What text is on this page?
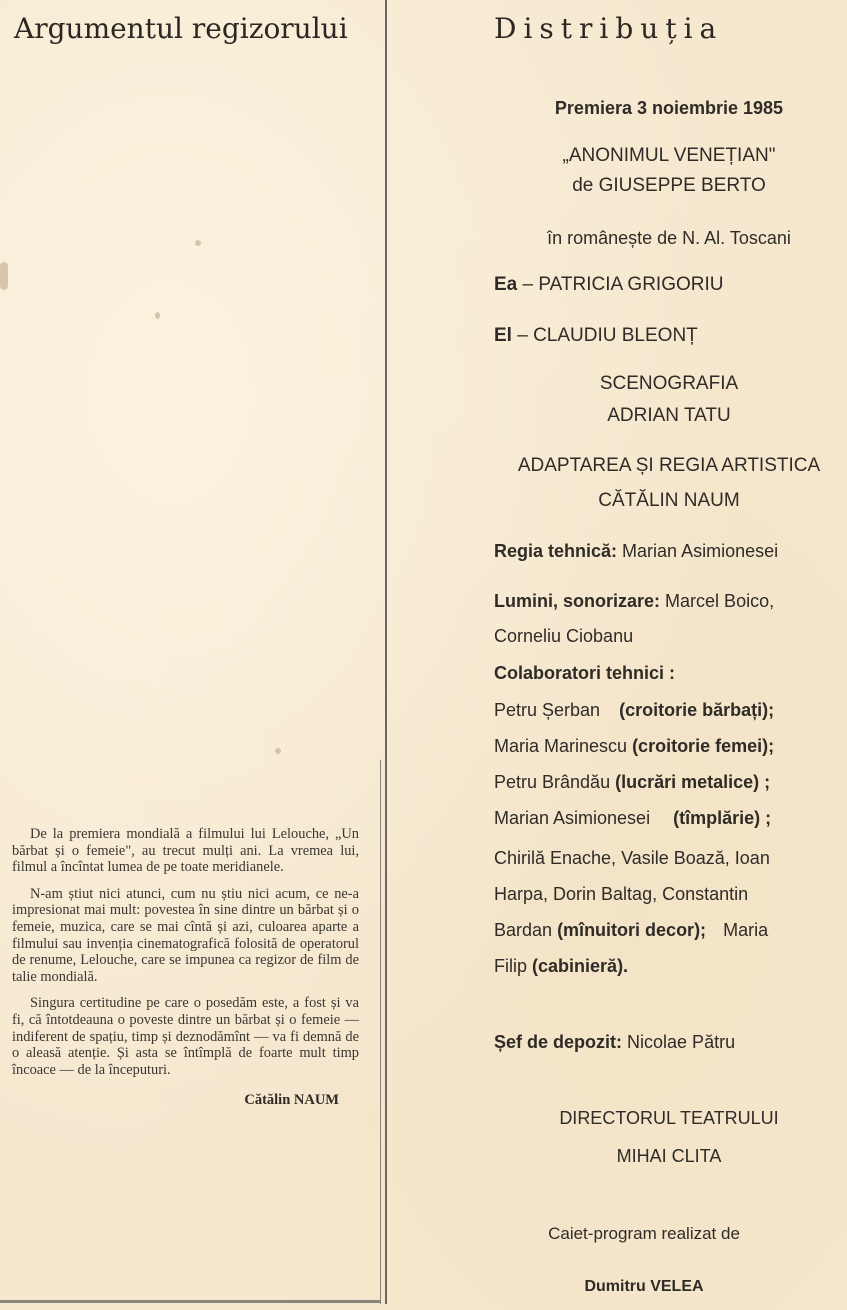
Argumentul regizorului

De la premiera mondială a filmului lui Lelouche, „Un bărbat și o femeie", au trecut mulți ani. La vremea lui, filmul a încîntat lumea de pe toate meridianele.

N-am știut nici atunci, cum nu știu nici acum, ce ne-a impresionat mai mult: povestea în sine dintre un bărbat și o femeie, muzica, care se mai cîntă și azi, culoarea aparte a filmului sau invenția cinematografică folosită de operatorul de renume, Lelouche, care se impunea ca regizor de film de talie mondială.

Singura certitudine pe care o posedăm este, a fost și va fi, că întotdeauna o poveste dintre un bărbat și o femeie — indiferent de spațiu, timp și deznodămînt — va fi demnă de o aleasă atenție. Și asta se întîmplă de foarte mult timp încoace — de la începuturi.

Cătălin NAUM

Distribuția
Premiera 3 noiembrie 1985
„ANONIMUL VENEȚIAN"
de GIUSEPPE BERTO
în românește de N. Al. Toscani
Ea – PATRICIA GRIGORIU
El – CLAUDIU BLEONȚ
SCENOGRAFIA
ADRIAN TATU
ADAPTAREA ȘI REGIA ARTISTICA
CĂTĂLIN NAUM
Regia tehnică: Marian Asimionesei
Lumini, sonorizare: Marcel Boico,
Corneliu Ciobanu
Colaboratori tehnici :
Petru Șerban (croitorie bărbați);
Maria Marinescu (croitorie femei);
Petru Brândău (lucrări metalice) ;
Marian Asimionesei (tîmplărie) ;
Chirilă Enache, Vasile Boază, Ioan
Harpa, Dorin Baltag, Constantin
Bardan (mînuitori decor); Maria
Filip (cabinieră).
Șef de depozit: Nicolae Pătru
DIRECTORUL TEATRULUI
MIHAI CLITA
Caiet-program realizat de
Dumitru VELEA
